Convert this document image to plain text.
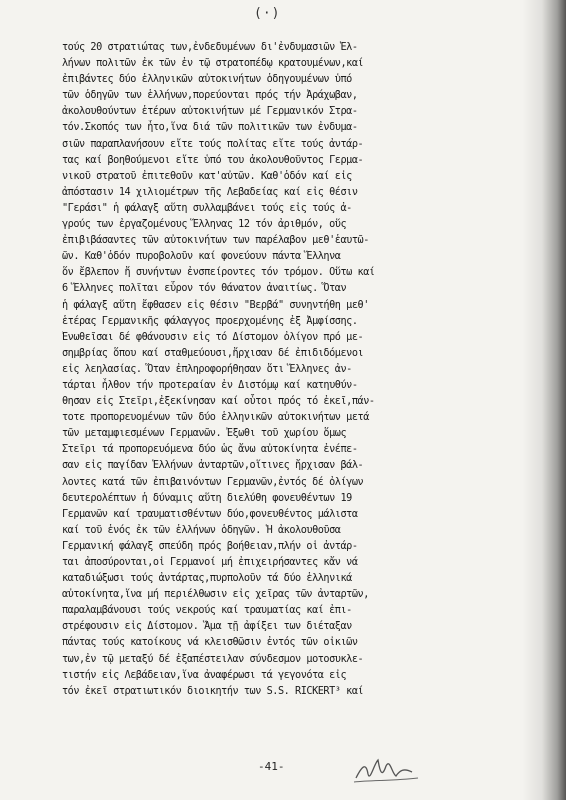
(·)
τούς 20 στρατιώτας των,ἐνδεδυμένων δι'ἐνδυμασιῶν Ἑλ-
λήνων πολιτῶν ἐκ τῶν ἐν τῷ στρατοπέδῳ κρατουμένων,καί
ἐπιβάντες δύο ἑλληνικῶν αὐτοκινήτων ὁδηγουμένων ὑπό
τῶν ὁδηγῶν των ἑλλήνων,πορεύονται πρός τήν Ἀράχωβαν,
ἀκολουθούντων ἑτέρων αὐτοκινήτων μέ Γερμανικόν Στρα-
τόν.Σκοπός των ἦτο,ἵνα διά τῶν πολιτικῶν των ἐνδυμα-
σιῶν παραπλανήσουν εἴτε τούς πολίτας εἴτε τούς ἀντάρ-
τας καί βοηθούμενοι εἴτε ὑπό του ἀκολουθοῦντος Γερμα-
νικοῦ στρατοῦ ἐπιτεθοῦν κατ'αὐτῶν. Καθ'ὁδόν καί εἰς
ἀπόστασιν 14 χιλιομέτρων τῆς Λεβαδείας καί εἰς θέσιν
"Γεράσι" ἡ φάλαγξ αὕτη συλλαμβάνει τούς εἰς τούς ἀ-
γρούς των ἐργαζομένους Ἕλληνας 12 τόν ἀριθμόν, οὕς
ἐπιβιβάσαντες τῶν αὐτοκινήτων των παρέλαβον μεθ'ἑαυτῶ-
ῶν. Καθ'ὁδόν πυροβολοῦν καί φονεύουν πάντα Ἕλληνα
ὅν ἔβλεπον ἤ συνήντων ἐνσπείροντες τόν τρόμον. Οὕτω καί
6 Ἕλληνες πολῖται εὗρον τόν θάνατον ἀναιτίως. Ὅταν
ἡ φάλαγξ αὕτη ἔφθασεν εἰς θέσιν "Βερβά" συνηντήθη μεθ'
ἑτέρας Γερμανικῆς φάλαγγος προερχομένης ἐξ Ἀμφίσσης.
Ἑνωθεῖσαι δέ φθάνουσιν εἰς τό Δίστομον ὀλίγον πρό με-
σημβρίας ὅπου καί σταθμεύουσι,ἤρχισαν δέ ἐπιδιδόμενοι
εἰς λεηλασίας. Ὅταν ἐπληροφορήθησαν ὅτι Ἕλληνες ἀν-
τάρται ἦλθον τήν προτεραίαν ἐν Διστόμῳ καί κατηυθύν-
θησαν εἰς Στεῖρι,ἐξεκίνησαν καί οὗτοι πρός τό ἐκεῖ,πάν-
τοτε προπορευομένων τῶν δύο ἑλληνικῶν αὐτοκινήτων μετά
τῶν μεταμφιεσμένων Γερμανῶν. Ἐξωθι τοῦ χωρίου ὅμως
Στεῖρι τά προπορευόμενα δύο ὡς ἄνω αὐτοκίνητα ἐνέπε-
σαν εἰς παγίδαν Ἑλλήνων ἀνταρτῶν,οἵτινες ἤρχισαν βάλ-
λοντες κατά τῶν ἐπιβαινόντων Γερμανῶν,ἐντός δέ ὀλίγων
δευτερολέπτων ἡ δύναμις αὕτη διελύθη φονευθέντων 19
Γερμανῶν καί τραυματισθέντων δύο,φονευθέντος μάλιστα
καί τοῦ ἑνός ἐκ τῶν ἑλλήνων ὁδηγῶν. Ἡ ἀκολουθοῦσα
Γερμανική φάλαγξ σπεύδη πρός βοήθειαν,πλήν οἱ ἀντάρ-
ται ἀποσύρονται,οἱ Γερμανοί μή ἐπιχειρήσαντες κἄν νά
καταδιώξωσι τούς ἀντάρτας,πυρπολοῦν τά δύο ἑλληνικά
αὐτοκίνητα,ἵνα μή περιέλθωσιν εἰς χεῖρας τῶν ἀνταρτῶν,
παραλαμβάνουσι τούς νεκρούς καί τραυματίας καί ἐπι-
στρέφουσιν εἰς Δίστομον. Ἅμα τῇ ἀφίξει των διέταξαν
πάντας τούς κατοίκους νά κλεισθῶσιν ἐντός τῶν οἰκιῶν
των,ἐν τῷ μεταξύ δέ ἐξαπέστειλαν σύνδεσμον μοτοσυκλε-
τιστήν εἰς Λεβάδειαν,ἵνα ἀναφέρωσι τά γεγονότα εἰς
τόν ἐκεῖ στρατιωτικόν διοικητήν των S.S. RICKERT³ καί
-41-
